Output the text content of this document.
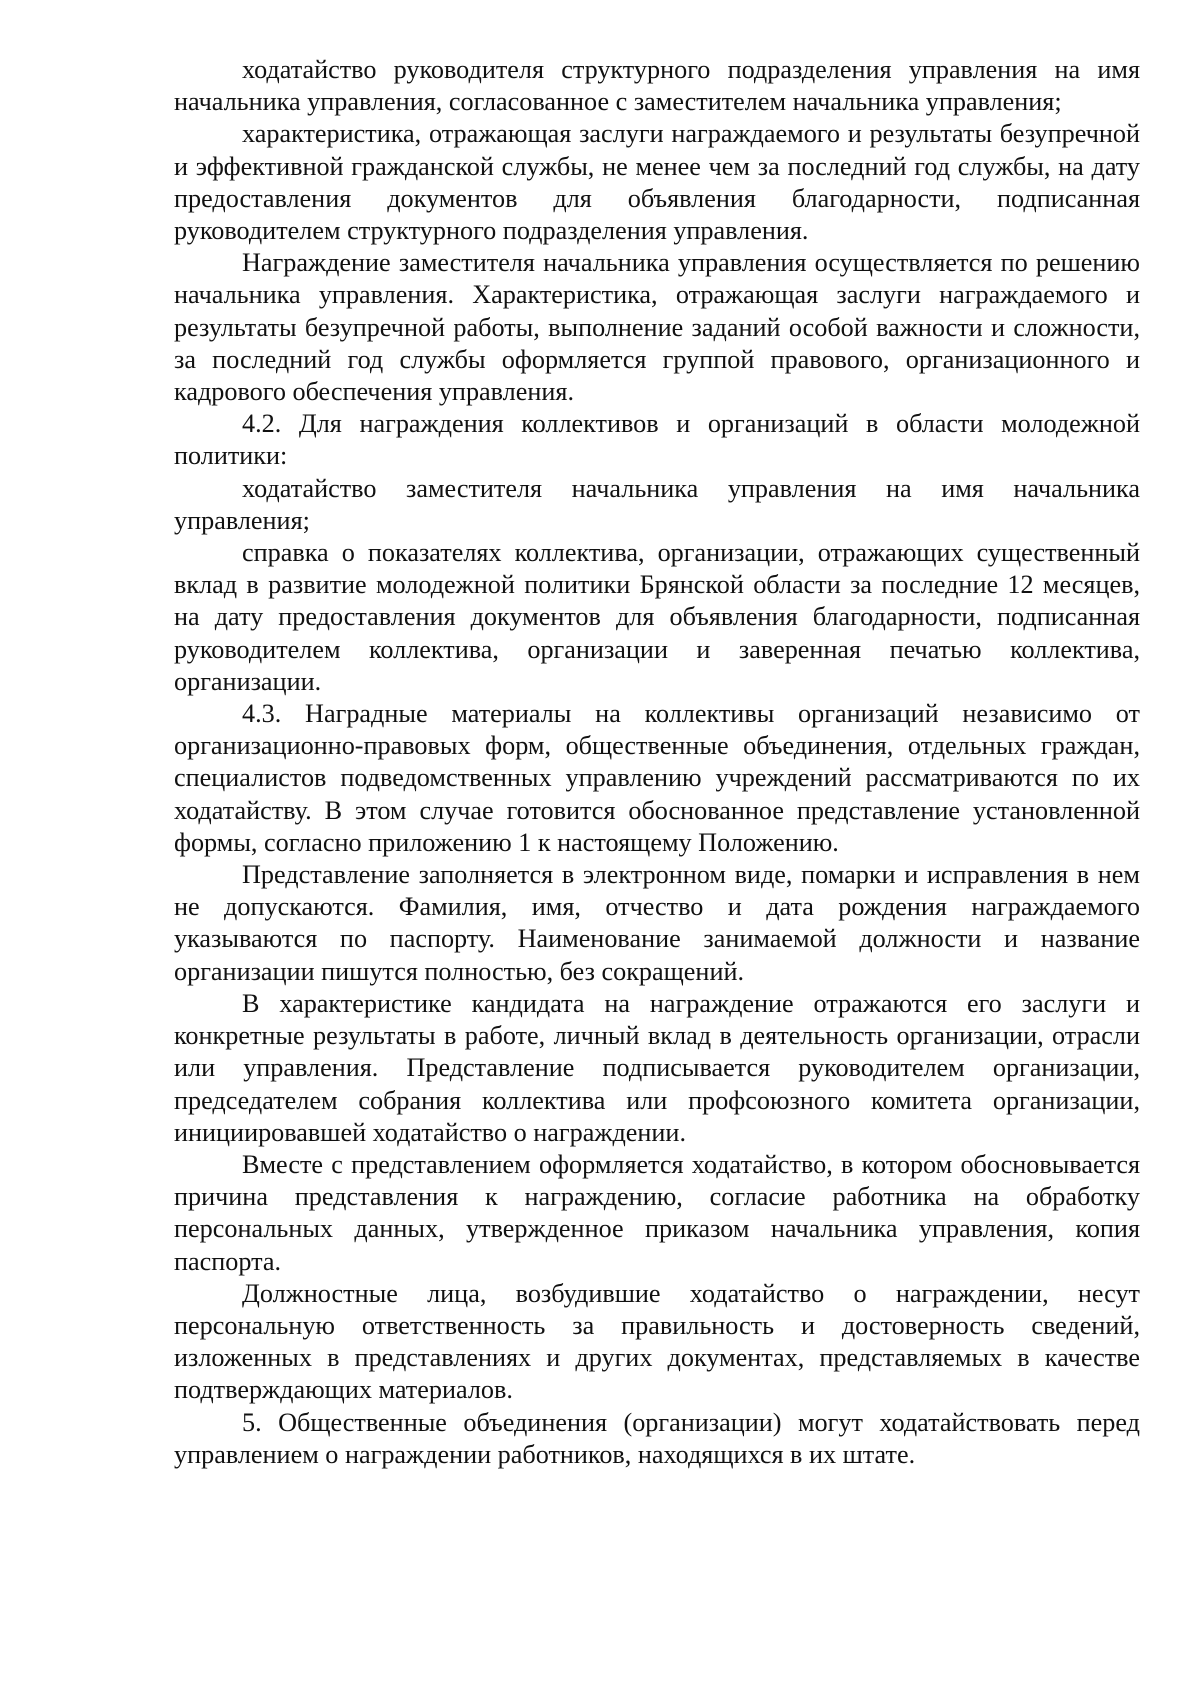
ходатайство руководителя структурного подразделения управления на имя начальника управления, согласованное с заместителем начальника управления;

характеристика, отражающая заслуги награждаемого и результаты безупречной и эффективной гражданской службы, не менее чем за последний год службы, на дату предоставления документов для объявления благодарности, подписанная руководителем структурного подразделения управления.

Награждение заместителя начальника управления осуществляется по решению начальника управления. Характеристика, отражающая заслуги награждаемого и результаты безупречной работы, выполнение заданий особой важности и сложности, за последний год службы оформляется группой правового, организационного и кадрового обеспечения управления.

4.2. Для награждения коллективов и организаций в области молодежной политики:

ходатайство заместителя начальника управления на имя начальника управления;

справка о показателях коллектива, организации, отражающих существенный вклад в развитие молодежной политики Брянской области за последние 12 месяцев, на дату предоставления документов для объявления благодарности, подписанная руководителем коллектива, организации и заверенная печатью коллектива, организации.

4.3. Наградные материалы на коллективы организаций независимо от организационно-правовых форм, общественные объединения, отдельных граждан, специалистов подведомственных управлению учреждений рассматриваются по их ходатайству. В этом случае готовится обоснованное представление установленной формы, согласно приложению 1 к настоящему Положению.

Представление заполняется в электронном виде, помарки и исправления в нем не допускаются. Фамилия, имя, отчество и дата рождения награждаемого указываются по паспорту. Наименование занимаемой должности и название организации пишутся полностью, без сокращений.

В характеристике кандидата на награждение отражаются его заслуги и конкретные результаты в работе, личный вклад в деятельность организации, отрасли или управления. Представление подписывается руководителем организации, председателем собрания коллектива или профсоюзного комитета организации, инициировавшей ходатайство о награждении.

Вместе с представлением оформляется ходатайство, в котором обосновывается причина представления к награждению, согласие работника на обработку персональных данных, утвержденное приказом начальника управления, копия паспорта.

Должностные лица, возбудившие ходатайство о награждении, несут персональную ответственность за правильность и достоверность сведений, изложенных в представлениях и других документах, представляемых в качестве подтверждающих материалов.

5. Общественные объединения (организации) могут ходатайствовать перед управлением о награждении работников, находящихся в их штате.
